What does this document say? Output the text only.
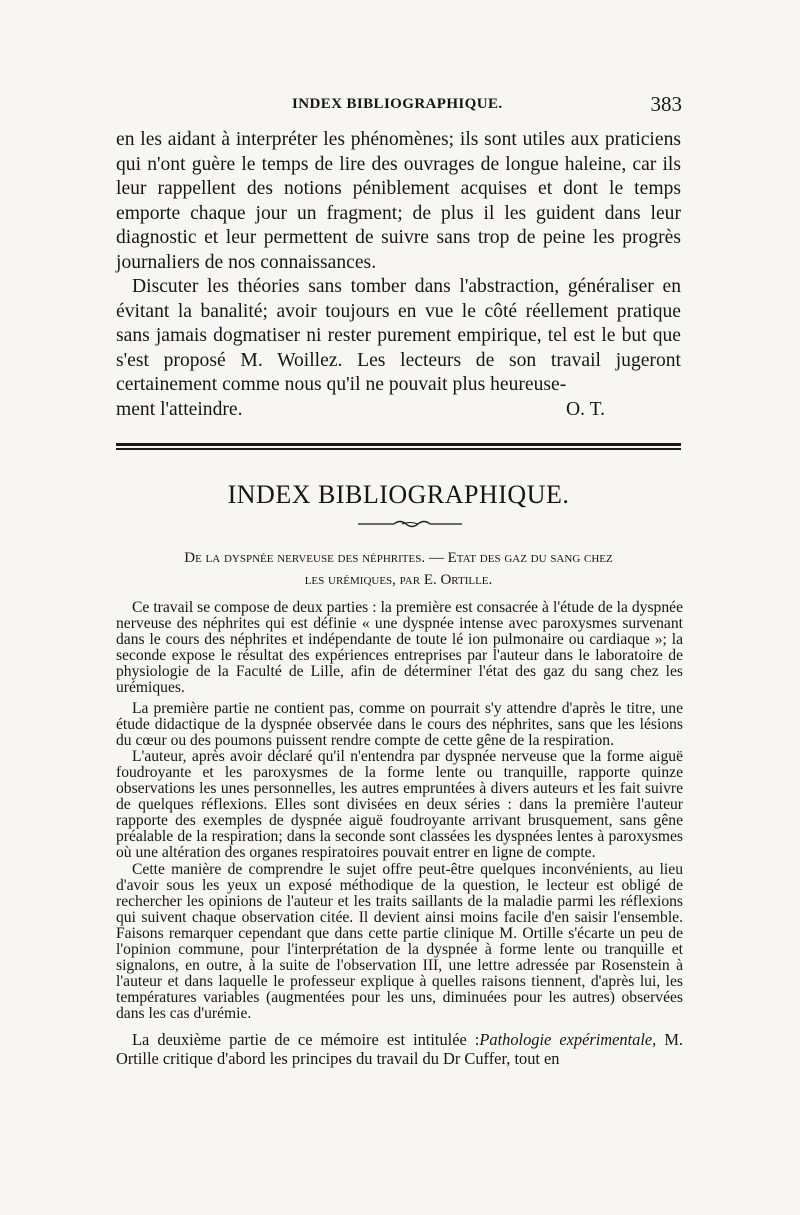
INDEX BIBLIOGRAPHIQUE.	383

en les aidant à interpréter les phénomènes; ils sont utiles aux praticiens qui n'ont guère le temps de lire des ouvrages de longue haleine, car ils leur rappellent des notions péniblement acquises et dont le temps emporte chaque jour un fragment; de plus il les guident dans leur diagnostic et leur permettent de suivre sans trop de peine les progrès journaliers de nos connaissances.

Discuter les théories sans tomber dans l'abstraction, généraliser en évitant la banalité; avoir toujours en vue le côté réellement pratique sans jamais dogmatiser ni rester purement empirique, tel est le but que s'est proposé M. Woillez. Les lecteurs de son travail jugeront certainement comme nous qu'il ne pouvait plus heureuse-

ment l'atteindre.	O. T.
INDEX BIBLIOGRAPHIQUE.
De la dyspnée nerveuse des néphrites. — Etat des gaz du sang chez
les urémiques, par E. Ortille.

Ce travail se compose de deux parties : la première est consacrée à l'étude de la dyspnée nerveuse des néphrites qui est définie « une dyspnée intense avec paroxysmes survenant dans le cours des néphrites et indépendante de toute lé ion pulmonaire ou cardiaque »; la seconde expose le résultat des expériences entreprises par l'auteur dans le laboratoire de physiologie de la Faculté de Lille, afin de déterminer l'état des gaz du sang chez les urémiques.

La première partie ne contient pas, comme on pourrait s'y attendre d'après le titre, une étude didactique de la dyspnée observée dans le cours des néphrites, sans que les lésions du cœur ou des poumons puissent rendre compte de cette gêne de la respiration.

L'auteur, après avoir déclaré qu'il n'entendra par dyspnée nerveuse que la forme aiguë foudroyante et les paroxysmes de la forme lente ou tranquille, rapporte quinze observations les unes personnelles, les autres empruntées à divers auteurs et les fait suivre de quelques réflexions. Elles sont divisées en deux séries : dans la première l'auteur rapporte des exemples de dyspnée aiguë foudroyante arrivant brusquement, sans gêne préalable de la respiration; dans la seconde sont classées les dyspnées lentes à paroxysmes où une altération des organes respiratoires pouvait entrer en ligne de compte.

Cette manière de comprendre le sujet offre peut-être quelques inconvénients, au lieu d'avoir sous les yeux un exposé méthodique de la question, le lecteur est obligé de rechercher les opinions de l'auteur et les traits saillants de la maladie parmi les réflexions qui suivent chaque observation citée. Il devient ainsi moins facile d'en saisir l'ensemble. Faisons remarquer cependant que dans cette partie clinique M. Ortille s'écarte un peu de l'opinion commune, pour l'interprétation de la dyspnée à forme lente ou tranquille et signalons, en outre, à la suite de l'observation III, une lettre adressée par Rosenstein à l'auteur et dans laquelle le professeur explique à quelles raisons tiennent, d'après lui, les températures variables (augmentées pour les uns, diminuées pour les autres) observées dans les cas d'urémie.

La deuxième partie de ce mémoire est intitulée :Pathologie expérimentale, M. Ortille critique d'abord les principes du travail du Dr Cuffer, tout en
